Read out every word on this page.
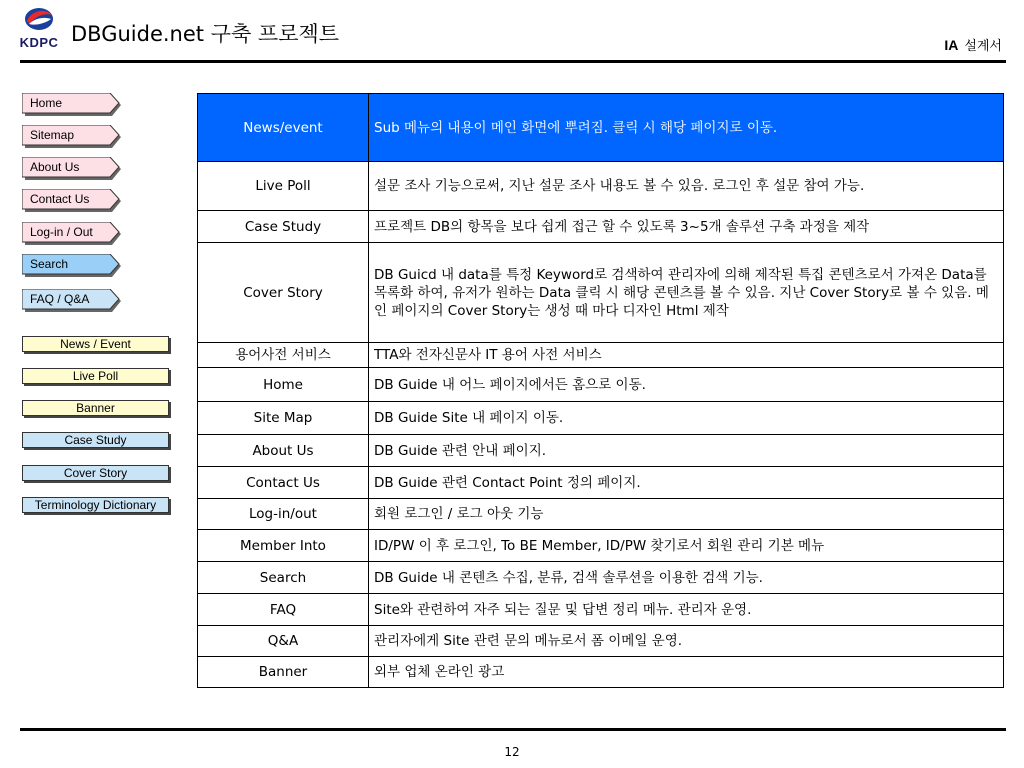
KDPC DBGuide.net 구축 프로젝트	IA 설계서
Home
Sitemap
About Us
Contact Us
Log-in / Out
Search
FAQ / Q&A
News / Event
Live Poll
Banner
Case Study
Cover Story
Terminology Dictionary
News/event	Sub 메뉴의 내용이 메인 화면에 뿌려짐. 클릭 시 해당 페이지로 이동.
Live Poll	설문 조사 기능으로써, 지난 설문 조사 내용도 볼 수 있음. 로그인 후 설문 참여 가능.
Case Study	프로젝트 DB의 항목을 보다 쉽게 접근 할 수 있도록 3~5개 솔루션 구축 과정을 제작
Cover Story	DB Guicd 내 data를 특정 Keyword로 검색하여 관리자에 의해 제작된 특집 콘텐츠로서 가져온 Data를 목록화 하여, 유저가 원하는 Data 클릭 시 해당 콘텐츠를 볼 수 있음. 지난 Cover Story로 볼 수 있음. 메인 페이지의 Cover Story는 생성 때 마다 디자인 Html 제작
용어사전 서비스	TTA와 전자신문사 IT 용어 사전 서비스
Home	DB Guide 내 어느 페이지에서든 홈으로 이동.
Site Map	DB Guide Site 내 페이지 이동.
About Us	DB Guide 관련 안내 페이지.
Contact Us	DB Guide 관련 Contact Point 정의 페이지.
Log-in/out	회원 로그인 / 로그 아웃 기능
Member Into	ID/PW 이 후 로그인, To BE Member, ID/PW 찾기로서 회원 관리 기본 메뉴
Search	DB Guide 내 콘텐츠 수집, 분류, 검색 솔루션을 이용한 검색 기능.
FAQ	Site와 관련하여 자주 되는 질문 및 답변 정리 메뉴. 관리자 운영.
Q&A	관리자에게 Site 관련 문의 메뉴로서 폼 이메일 운영.
Banner	외부 업체 온라인 광고
12
